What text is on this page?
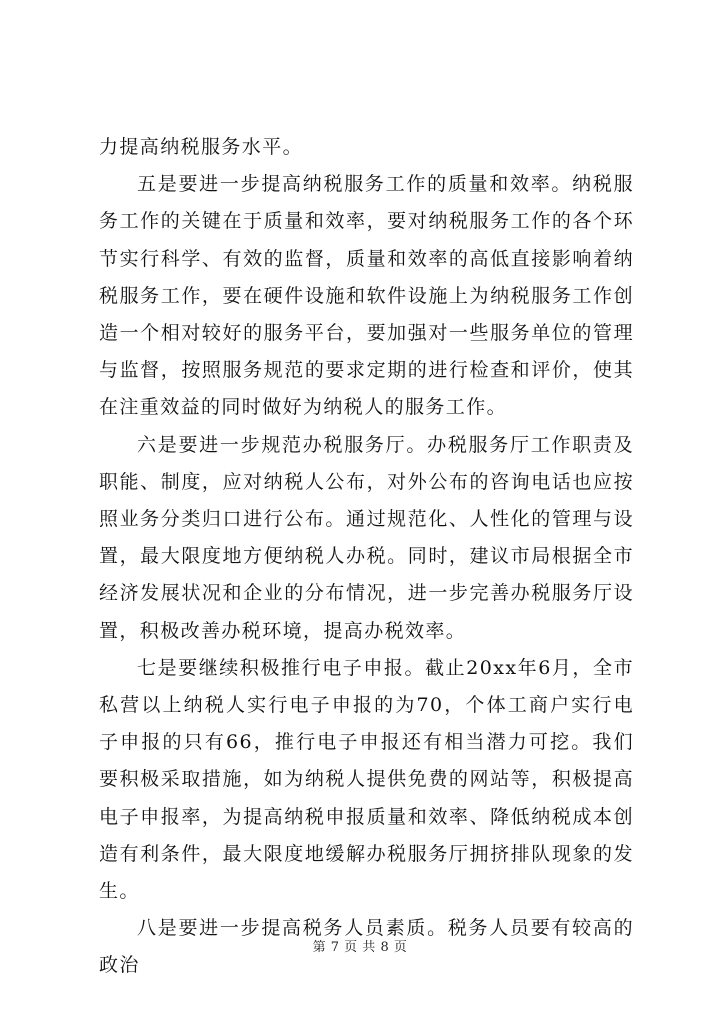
力提高纳税服务水平。

五是要进一步提高纳税服务工作的质量和效率。纳税服务工作的关键在于质量和效率，要对纳税服务工作的各个环节实行科学、有效的监督，质量和效率的高低直接影响着纳税服务工作，要在硬件设施和软件设施上为纳税服务工作创造一个相对较好的服务平台，要加强对一些服务单位的管理与监督，按照服务规范的要求定期的进行检查和评价，使其在注重效益的同时做好为纳税人的服务工作。

六是要进一步规范办税服务厅。办税服务厅工作职责及职能、制度，应对纳税人公布，对外公布的咨询电话也应按照业务分类归口进行公布。通过规范化、人性化的管理与设置，最大限度地方便纳税人办税。同时，建议市局根据全市经济发展状况和企业的分布情况，进一步完善办税服务厅设置，积极改善办税环境，提高办税效率。

七是要继续积极推行电子申报。截止20xx年6月，全市私营以上纳税人实行电子申报的为70，个体工商户实行电子申报的只有66，推行电子申报还有相当潜力可挖。我们要积极采取措施，如为纳税人提供免费的网站等，积极提高电子申报率，为提高纳税申报质量和效率、降低纳税成本创造有利条件，最大限度地缓解办税服务厅拥挤排队现象的发生。

八是要进一步提高税务人员素质。税务人员要有较高的政治

第 7 页 共 8 页
